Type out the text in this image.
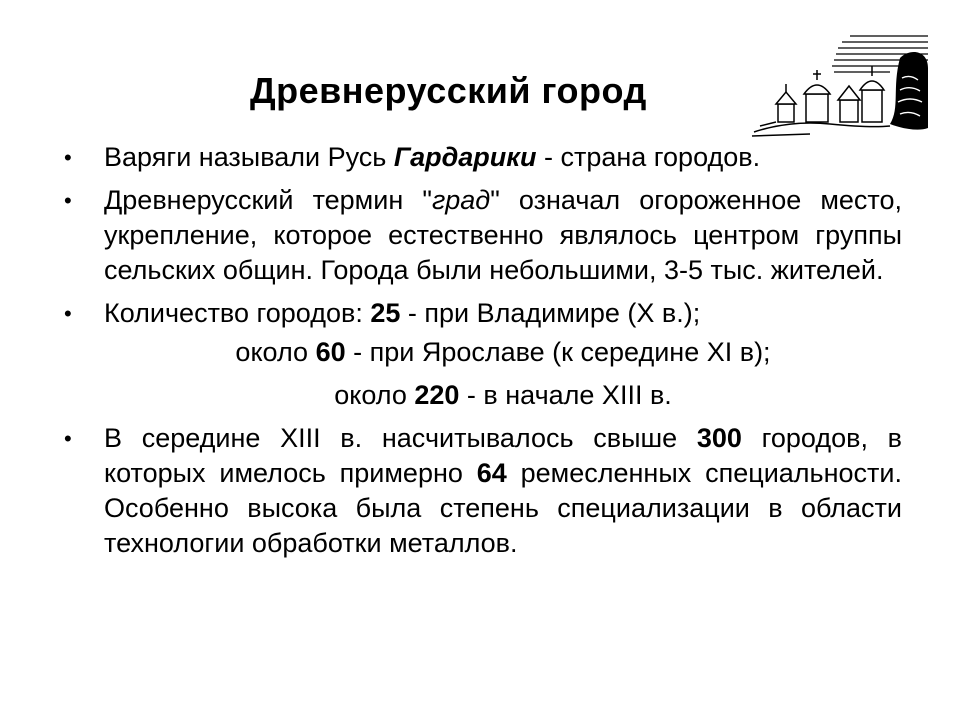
Древнерусский город
• Варяги называли Русь Гардарики - страна городов.
• Древнерусский термин "град" означал огороженное место, укрепление, которое естественно являлось центром группы сельских общин. Города были небольшими, 3-5 тыс. жителей.
• Количество городов: 25 - при Владимире (X в.);
около 60 - при Ярославе (к середине XI в);
около 220 - в начале XIII в.
• В середине XIII в. насчитывалось свыше 300 городов, в которых имелось примерно 64 ремесленных специальности. Особенно высока была степень специализации в области технологии обработки металлов.
